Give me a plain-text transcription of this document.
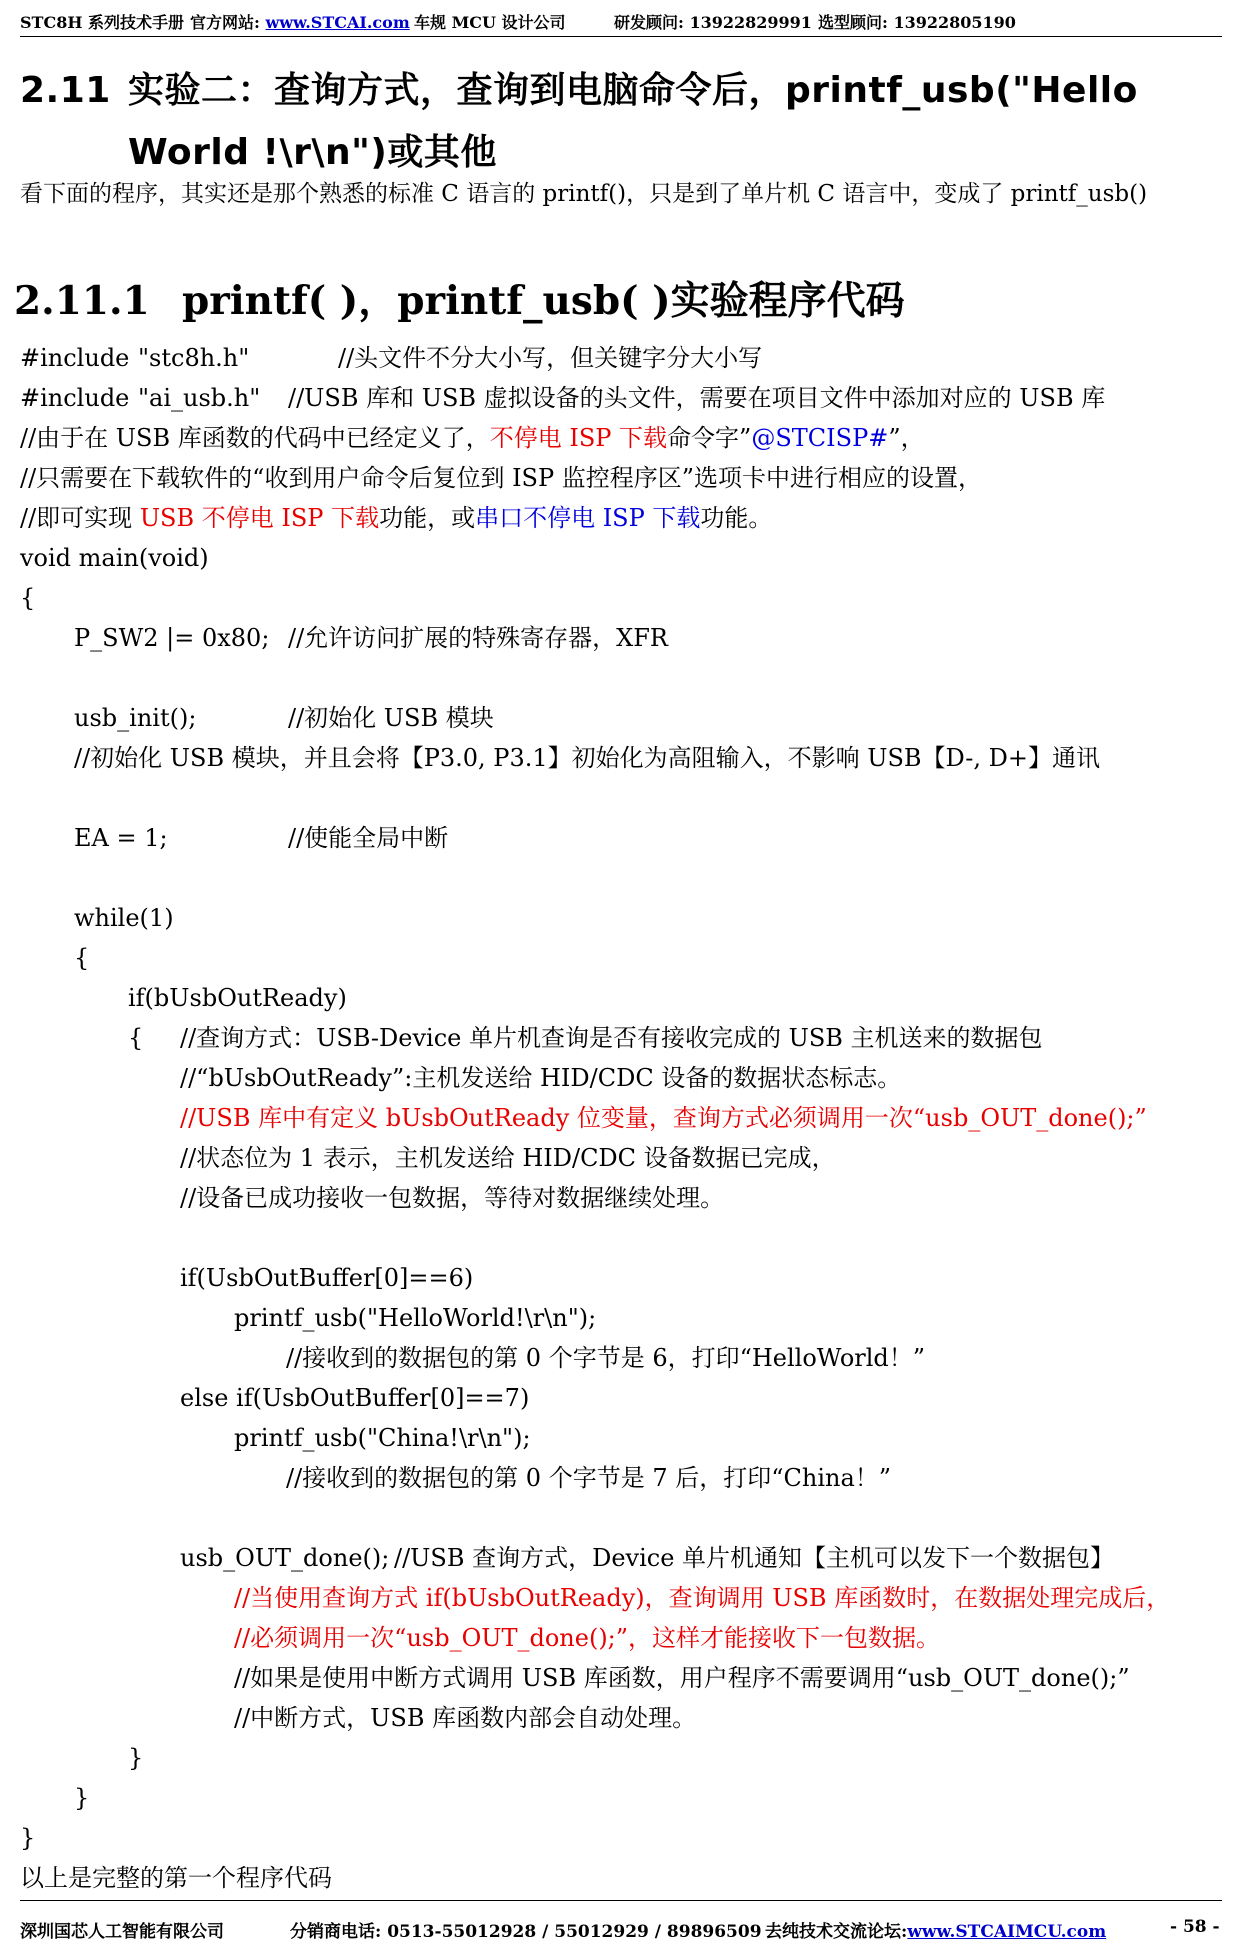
STC8H 系列技术手册 官方网站: www.STCAI.com 车规 MCU 设计公司	研发顾问: 13922829991 选型顾问: 13922805190
2.11 实验二：查询方式，查询到电脑命令后，printf_usb("Hello
World !\r\n")或其他
看下面的程序，其实还是那个熟悉的标准 C 语言的 printf()，只是到了单片机 C 语言中，变成了 printf_usb()
2.11.1 printf( )，printf_usb( )实验程序代码
#include "stc8h.h"	//头文件不分大小写，但关键字分大小写
#include "ai_usb.h" //USB 库和 USB 虚拟设备的头文件，需要在项目文件中添加对应的 USB 库
//由于在 USB 库函数的代码中已经定义了，不停电 ISP 下载命令字”@STCISP#”，
//只需要在下载软件的“收到用户命令后复位到 ISP 监控程序区”选项卡中进行相应的设置，
//即可实现 USB 不停电 ISP 下载功能，或串口不停电 ISP 下载功能。
void main(void)
{
P_SW2 |= 0x80; //允许访问扩展的特殊寄存器，XFR
usb_init();	//初始化 USB 模块
//初始化 USB 模块，并且会将【P3.0, P3.1】初始化为高阻输入，不影响 USB【D-, D+】通讯
EA = 1;	//使能全局中断
while(1)
{
if(bUsbOutReady)
{ //查询方式：USB-Device 单片机查询是否有接收完成的 USB 主机送来的数据包
//“bUsbOutReady”:主机发送给 HID/CDC 设备的数据状态标志。
//USB 库中有定义 bUsbOutReady 位变量，查询方式必须调用一次“usb_OUT_done();”
//状态位为 1 表示，主机发送给 HID/CDC 设备数据已完成，
//设备已成功接收一包数据，等待对数据继续处理。
if(UsbOutBuffer[0]==6)
printf_usb("HelloWorld!\r\n");
//接收到的数据包的第 0 个字节是 6，打印“HelloWorld！”
else if(UsbOutBuffer[0]==7)
printf_usb("China!\r\n");
//接收到的数据包的第 0 个字节是 7 后，打印“China！”
usb_OUT_done(); //USB 查询方式，Device 单片机通知【主机可以发下一个数据包】
//当使用查询方式 if(bUsbOutReady)，查询调用 USB 库函数时，在数据处理完成后，
//必须调用一次“usb_OUT_done();”，这样才能接收下一包数据。
//如果是使用中断方式调用 USB 库函数，用户程序不需要调用“usb_OUT_done();”
//中断方式，USB 库函数内部会自动处理。
}
}
}
以上是完整的第一个程序代码
深圳国芯人工智能有限公司	分销商电话: 0513-55012928 / 55012929 / 89896509 去纯技术交流论坛:www.STCAIMCU.com	- 58 -
